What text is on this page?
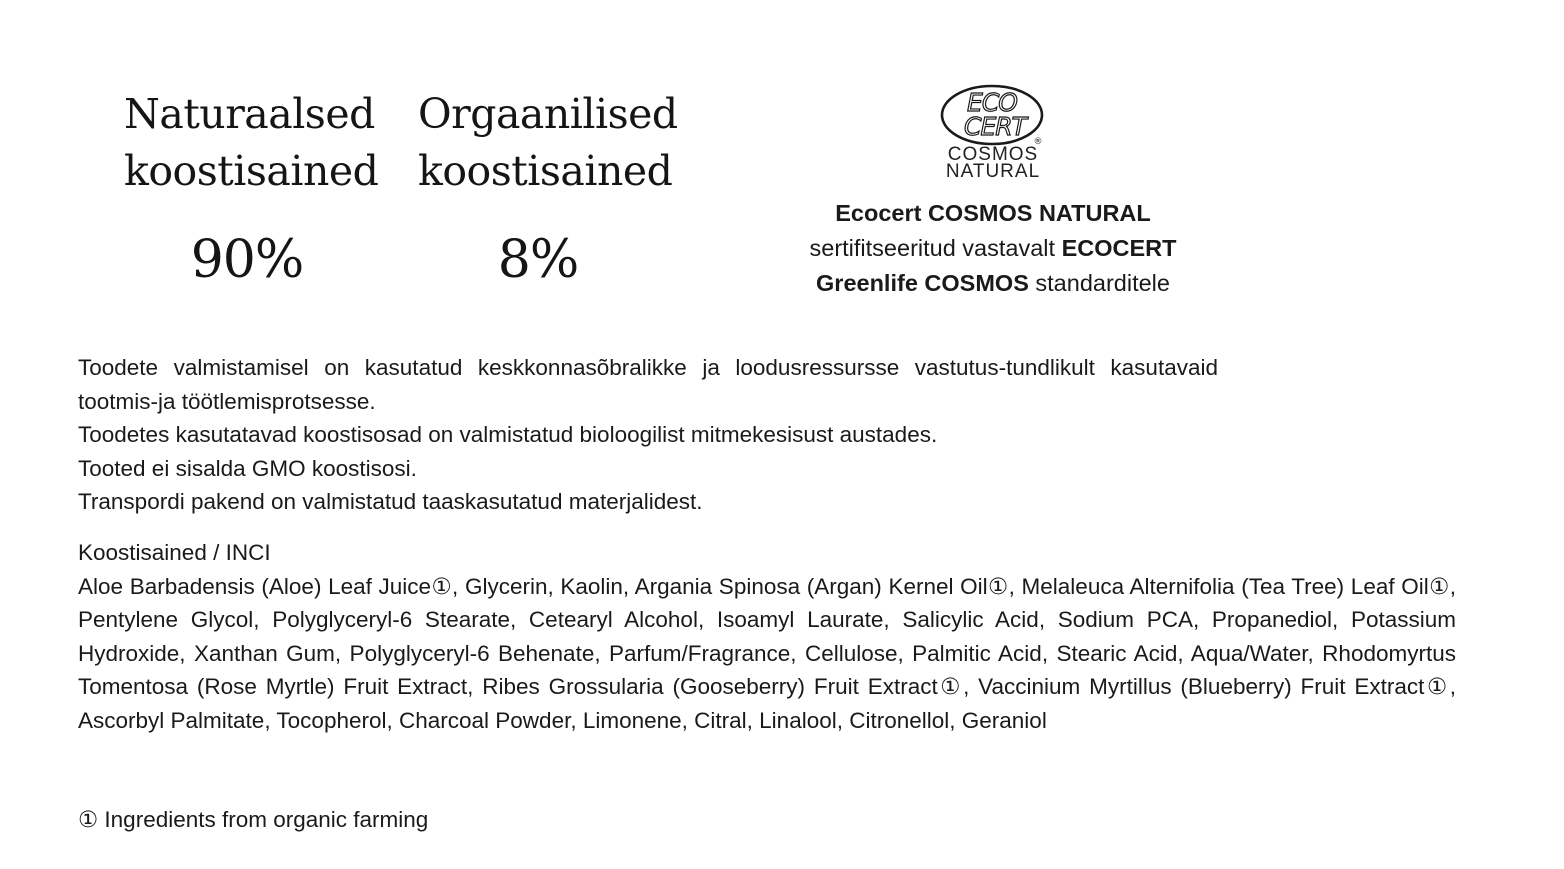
Naturaalsed
koostisained
90%
Orgaanilised
koostisained
8%
ECO
CERT
®
COSMOS
NATURAL
Ecocert COSMOS NATURAL
sertifitseeritud vastavalt ECOCERT
Greenlife COSMOS standarditele
Toodete valmistamisel on kasutatud keskkonnasõbralikke ja loodusressursse vastutus-tundlikult kasutavaid tootmis-ja töötlemisprotsesse.
Toodetes kasutatavad koostisosad on valmistatud bioloogilist mitmekesisust austades.
Tooted ei sisalda GMO koostisosi.
Transpordi pakend on valmistatud taaskasutatud materjalidest.
Koostisained / INCI
Aloe Barbadensis (Aloe) Leaf Juice①, Glycerin, Kaolin, Argania Spinosa (Argan) Kernel Oil①, Melaleuca Alternifolia (Tea Tree) Leaf Oil①, Pentylene Glycol, Polyglyceryl-6 Stearate, Cetearyl Alcohol, Isoamyl Laurate, Salicylic Acid, Sodium PCA, Propanediol, Potassium Hydroxide, Xanthan Gum, Polyglyceryl-6 Behenate, Parfum/Fragrance, Cellulose, Palmitic Acid, Stearic Acid, Aqua/Water, Rhodomyrtus Tomentosa (Rose Myrtle) Fruit Extract, Ribes Grossularia (Gooseberry) Fruit Extract①, Vaccinium Myrtillus (Blueberry) Fruit Extract①, Ascorbyl Palmitate, Tocopherol, Charcoal Powder, Limonene, Citral, Linalool, Citronellol, Geraniol
① Ingredients from organic farming
